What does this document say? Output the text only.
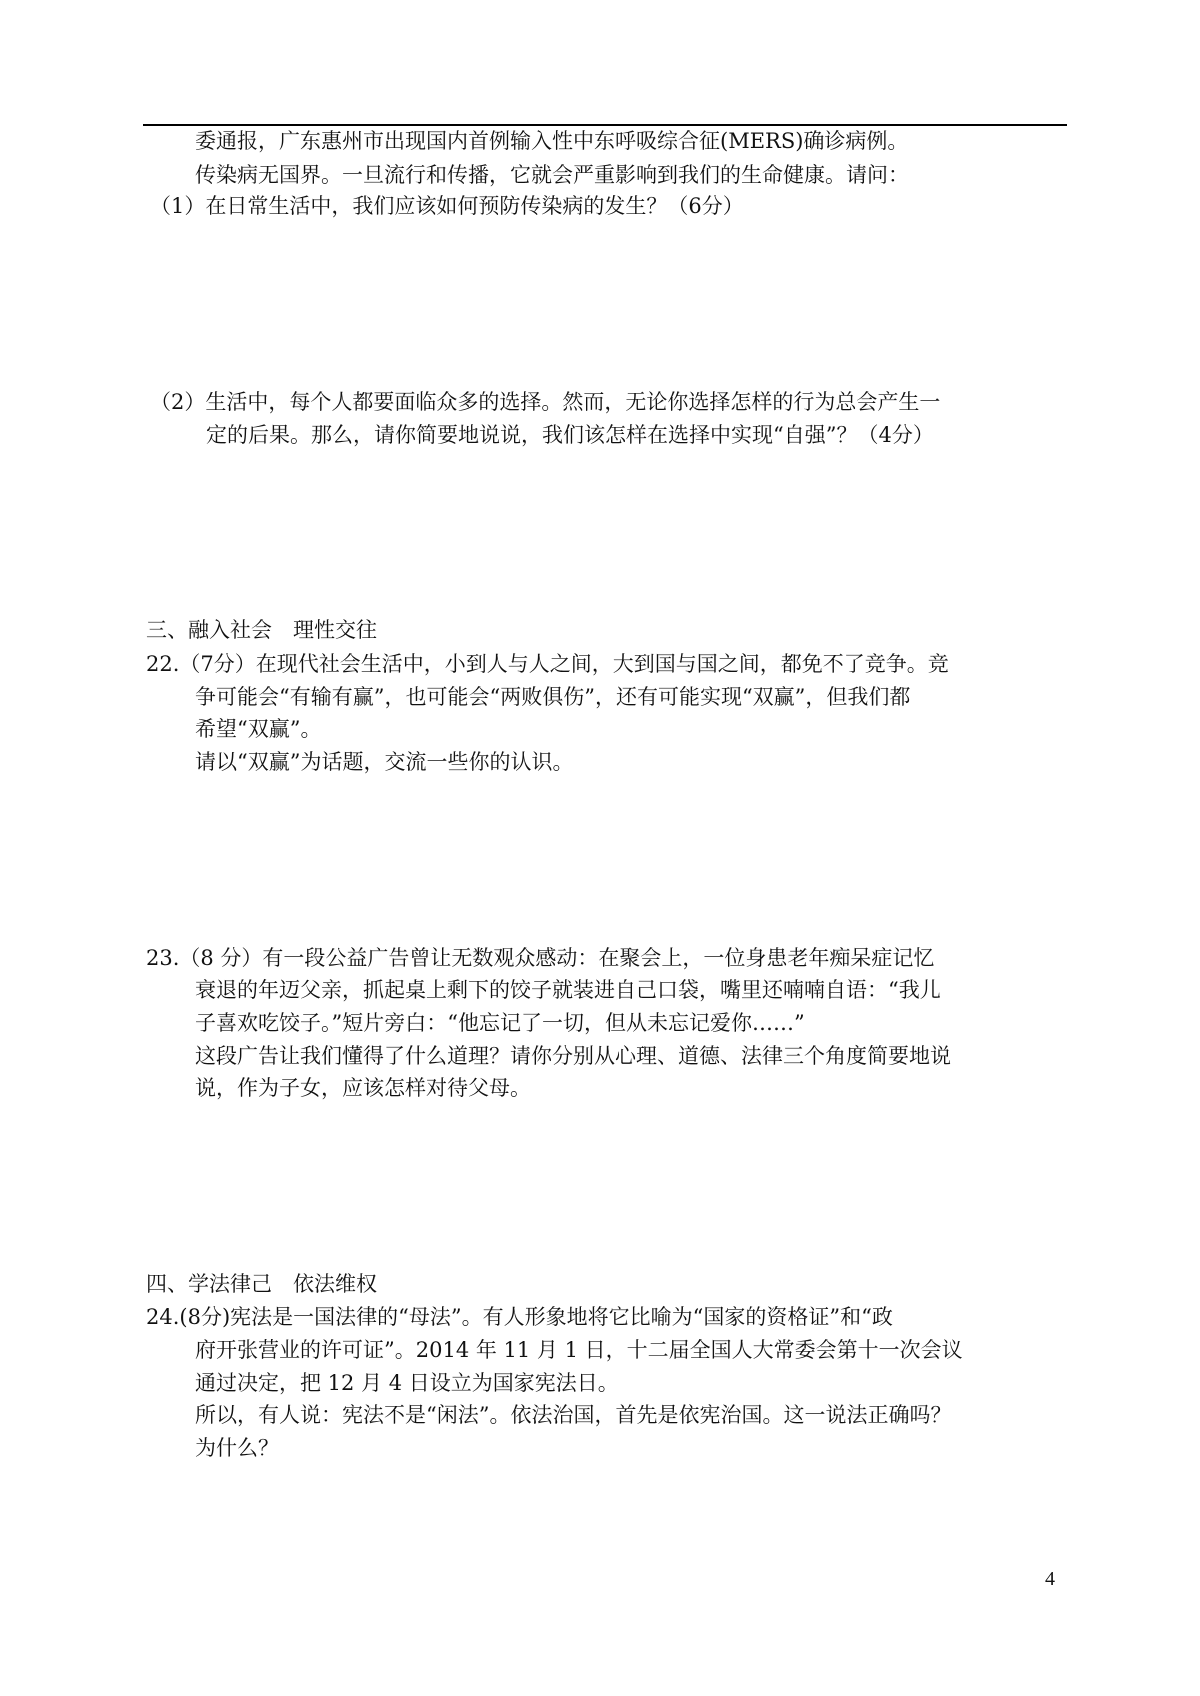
委通报，广东惠州市出现国内首例输入性中东呼吸综合征(MERS)确诊病例。
传染病无国界。一旦流行和传播，它就会严重影响到我们的生命健康。请问：
（1）在日常生活中，我们应该如何预防传染病的发生？（6分）
（2）生活中，每个人都要面临众多的选择。然而，无论你选择怎样的行为总会产生一
定的后果。那么，请你简要地说说，我们该怎样在选择中实现“自强”？（4分）
三、融入社会　理性交往
22.（7分）在现代社会生活中，小到人与人之间，大到国与国之间，都免不了竞争。竞
争可能会“有输有赢”，也可能会“两败俱伤”，还有可能实现“双赢”，但我们都
希望“双赢”。
请以“双赢”为话题，交流一些你的认识。
23.（8 分）有一段公益广告曾让无数观众感动：在聚会上，一位身患老年痴呆症记忆
衰退的年迈父亲，抓起桌上剩下的饺子就装进自己口袋，嘴里还喃喃自语：“我儿
子喜欢吃饺子。”短片旁白：“他忘记了一切，但从未忘记爱你……”
这段广告让我们懂得了什么道理？请你分别从心理、道德、法律三个角度简要地说
说，作为子女，应该怎样对待父母。
四、学法律己　依法维权
24.(8分)宪法是一国法律的“母法”。有人形象地将它比喻为“国家的资格证”和“政
府开张营业的许可证”。2014 年 11 月 1 日，十二届全国人大常委会第十一次会议
通过决定，把 12 月 4 日设立为国家宪法日。
所以，有人说：宪法不是“闲法”。依法治国，首先是依宪治国。这一说法正确吗？
为什么？
4
